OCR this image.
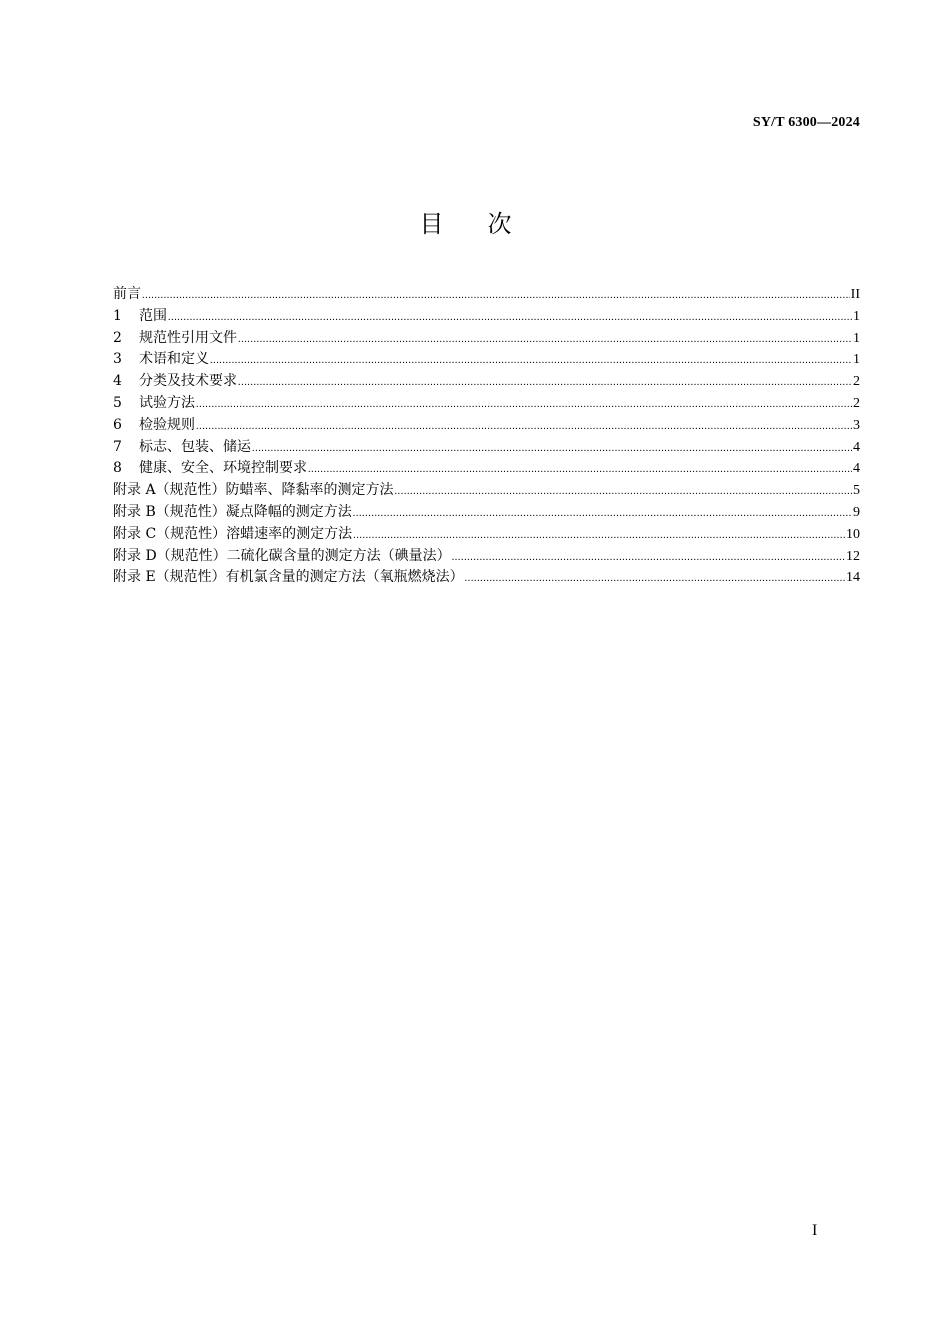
SY/T 6300—2024
目次
前言 .....	II
1	范围 .....	1
2	规范性引用文件 .....	1
3	术语和定义 .....	1
4	分类及技术要求 .....	2
5	试验方法 .....	2
6	检验规则 .....	3
7	标志、包装、储运 .....	4
8	健康、安全、环境控制要求 .....	4
附录 A（规范性）防蜡率、降黏率的测定方法 .....	5
附录 B（规范性）凝点降幅的测定方法 .....	9
附录 C（规范性）溶蜡速率的测定方法 .....	10
附录 D（规范性）二硫化碳含量的测定方法（碘量法） .....	12
附录 E（规范性）有机氯含量的测定方法（氧瓶燃烧法） .....	14
I
